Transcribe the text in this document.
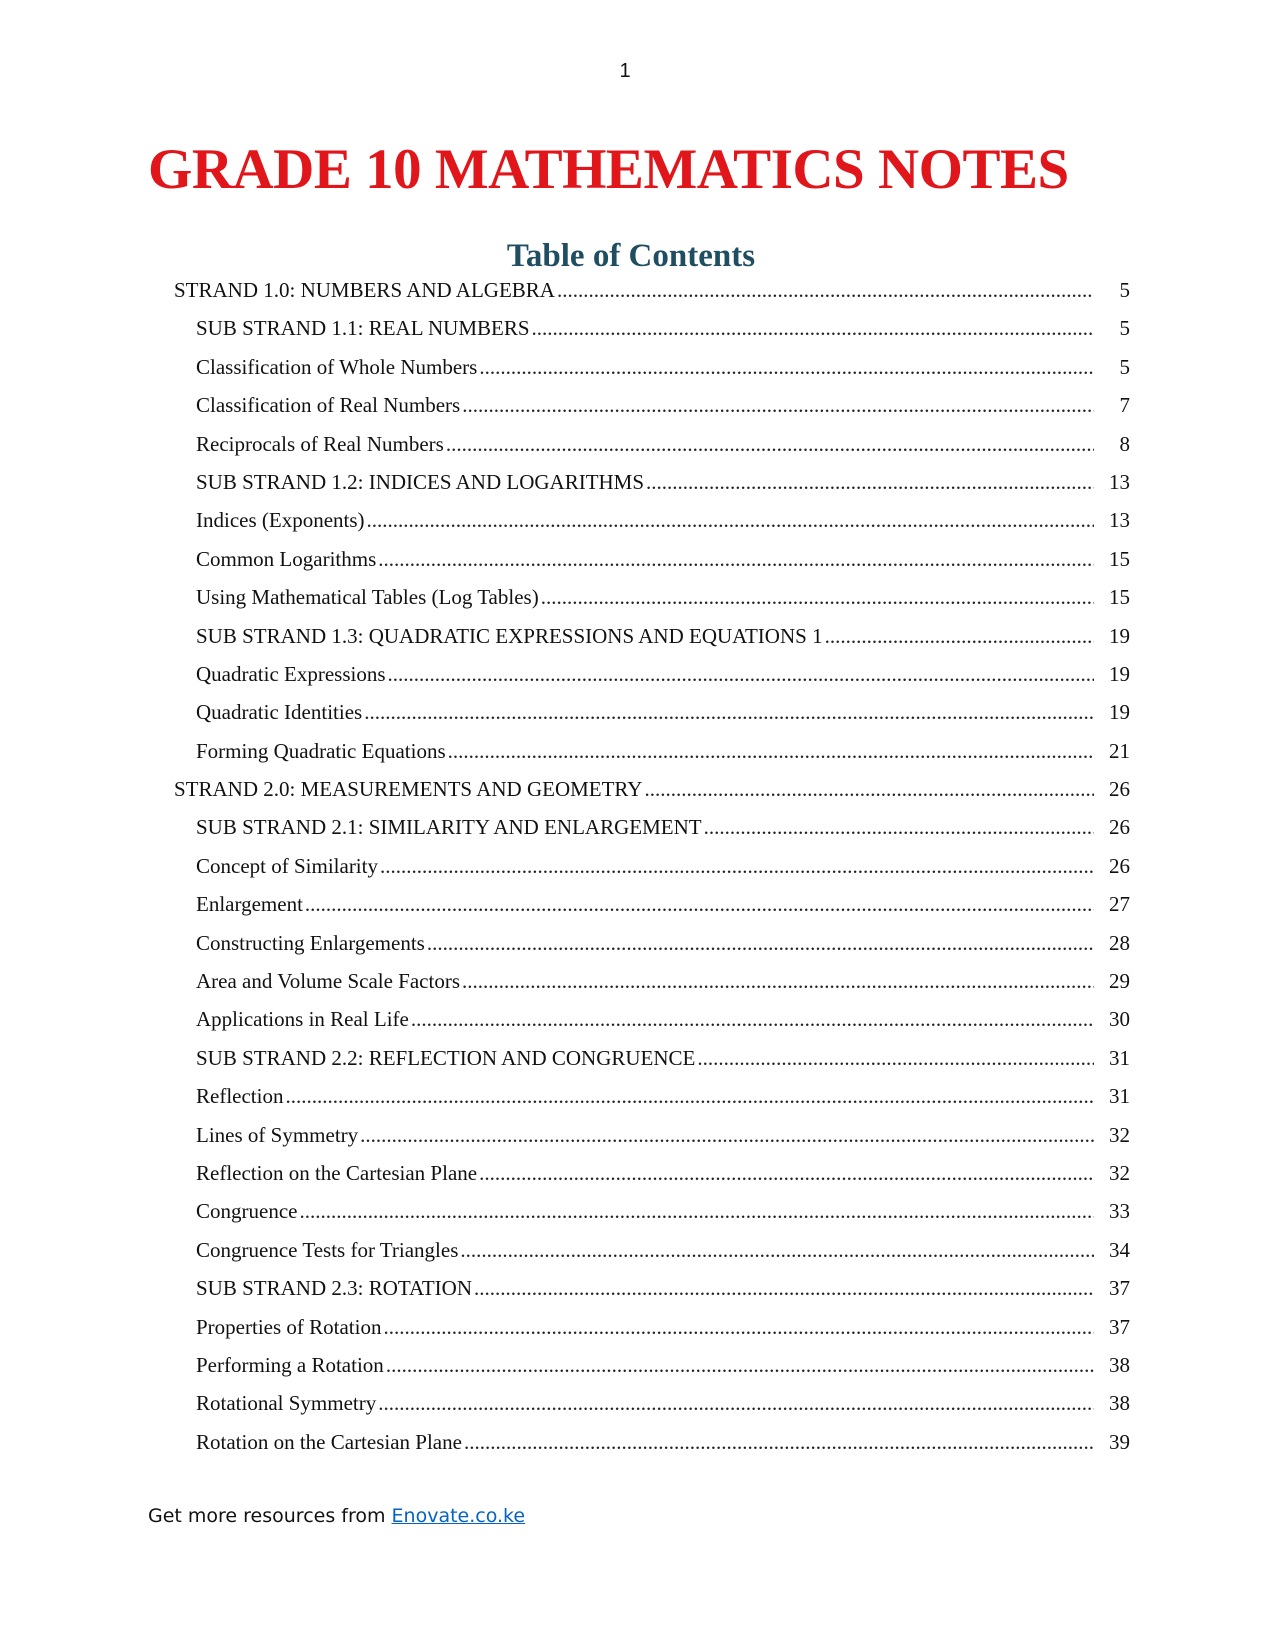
1
GRADE 10 MATHEMATICS NOTES
Table of Contents
STRAND 1.0: NUMBERS AND ALGEBRA .....	5
SUB STRAND 1.1: REAL NUMBERS .....	5
Classification of Whole Numbers .....	5
Classification of Real Numbers .....	7
Reciprocals of Real Numbers .....	8
SUB STRAND 1.2: INDICES AND LOGARITHMS .....	13
Indices (Exponents) .....	13
Common Logarithms .....	15
Using Mathematical Tables (Log Tables) .....	15
SUB STRAND 1.3: QUADRATIC EXPRESSIONS AND EQUATIONS 1 .....	19
Quadratic Expressions .....	19
Quadratic Identities .....	19
Forming Quadratic Equations .....	21
STRAND 2.0: MEASUREMENTS AND GEOMETRY .....	26
SUB STRAND 2.1: SIMILARITY AND ENLARGEMENT .....	26
Concept of Similarity .....	26
Enlargement .....	27
Constructing Enlargements .....	28
Area and Volume Scale Factors .....	29
Applications in Real Life .....	30
SUB STRAND 2.2: REFLECTION AND CONGRUENCE .....	31
Reflection .....	31
Lines of Symmetry .....	32
Reflection on the Cartesian Plane .....	32
Congruence .....	33
Congruence Tests for Triangles .....	34
SUB STRAND 2.3: ROTATION .....	37
Properties of Rotation .....	37
Performing a Rotation .....	38
Rotational Symmetry .....	38
Rotation on the Cartesian Plane .....	39
Get more resources from Enovate.co.ke
